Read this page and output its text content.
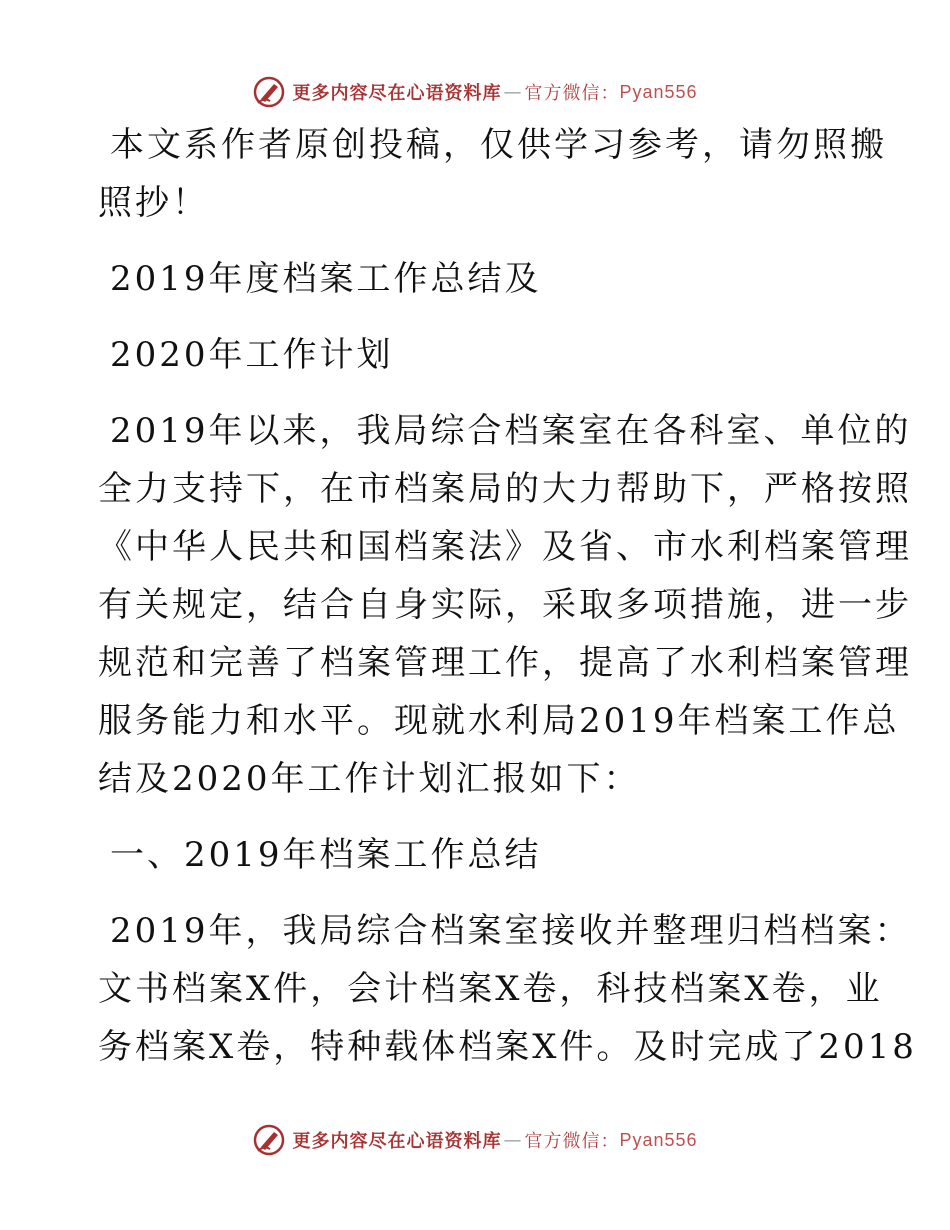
更多内容尽在心语资料库 — 官方微信： Pyan556

本文系作者原创投稿，仅供学习参考，请勿照搬
照抄！

2019年度档案工作总结及

2020年工作计划

2019年以来，我局综合档案室在各科室、单位的
全力支持下，在市档案局的大力帮助下，严格按照
《中华人民共和国档案法》及省、市水利档案管理
有关规定，结合自身实际，采取多项措施，进一步
规范和完善了档案管理工作，提高了水利档案管理
服务能力和水平。现就水利局2019年档案工作总
结及2020年工作计划汇报如下：

一、2019年档案工作总结

2019年，我局综合档案室接收并整理归档档案：
文书档案X件，会计档案X卷，科技档案X卷，业
务档案X卷，特种载体档案X件。及时完成了2018

更多内容尽在心语资料库 — 官方微信： Pyan556
